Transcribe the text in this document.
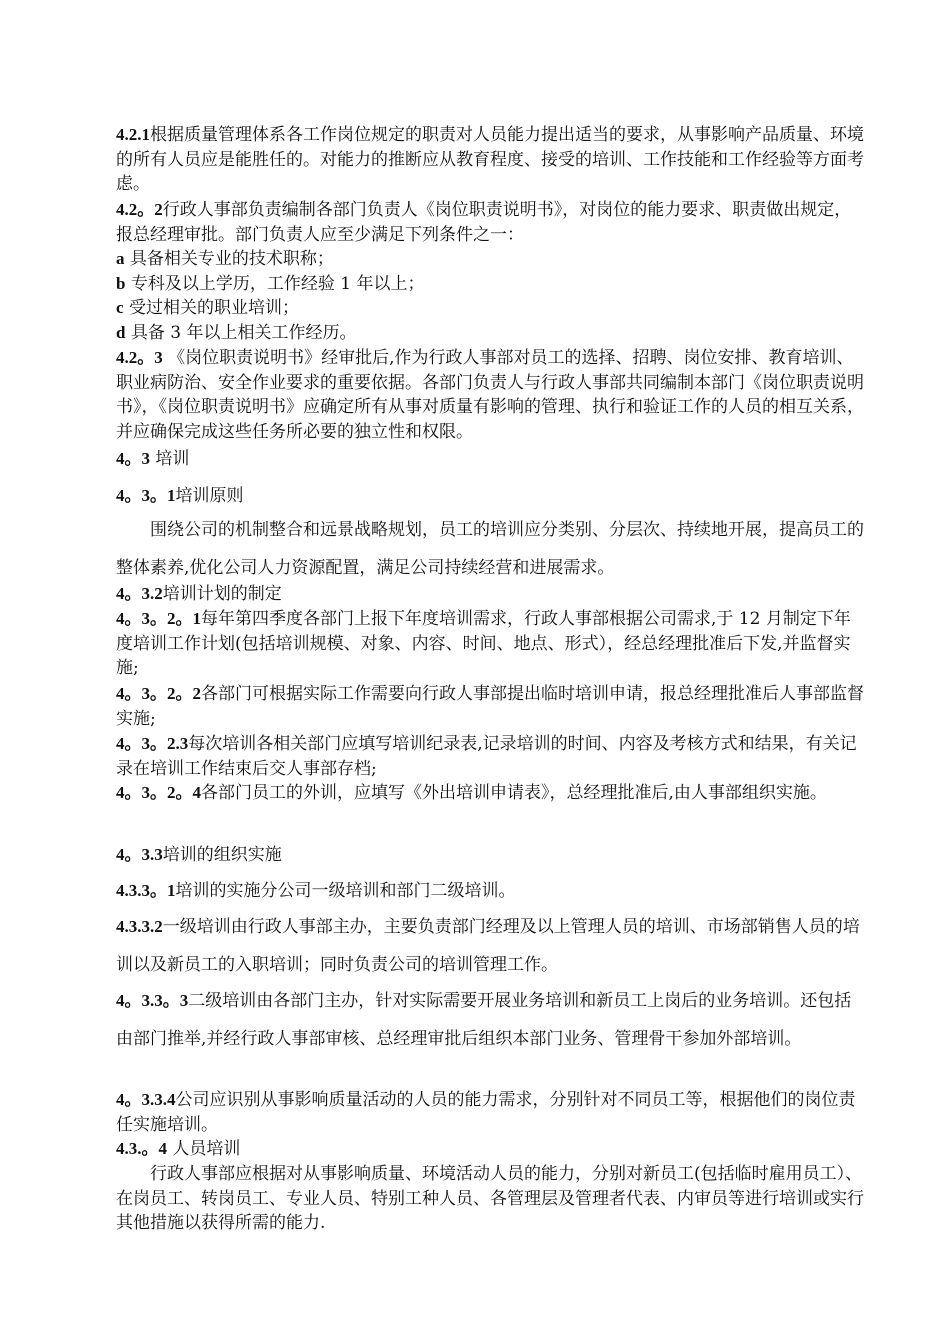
4.2.1根据质量管理体系各工作岗位规定的职责对人员能力提出适当的要求，从事影响产品质量、环境的所有人员应是能胜任的。对能力的推断应从教育程度、接受的培训、工作技能和工作经验等方面考虑。

4.2。2行政人事部负责编制各部门负责人《岗位职责说明书》，对岗位的能力要求、职责做出规定，报总经理审批。部门负责人应至少满足下列条件之一：

a 具备相关专业的技术职称；

b 专科及以上学历，工作经验 1 年以上；

c 受过相关的职业培训；

d 具备 3 年以上相关工作经历。

4.2。3 《岗位职责说明书》经审批后,作为行政人事部对员工的选择、招聘、岗位安排、教育培训、职业病防治、安全作业要求的重要依据。各部门负责人与行政人事部共同编制本部门《岗位职责说明书》，《岗位职责说明书》应确定所有从事对质量有影响的管理、执行和验证工作的人员的相互关系，并应确保完成这些任务所必要的独立性和权限。

4。3 培训

4。3。1培训原则

围绕公司的机制整合和远景战略规划，员工的培训应分类别、分层次、持续地开展，提高员工的整体素养,优化公司人力资源配置，满足公司持续经营和进展需求。

4。3.2培训计划的制定

4。3。2。1每年第四季度各部门上报下年度培训需求，行政人事部根据公司需求,于 12 月制定下年度培训工作计划(包括培训规模、对象、内容、时间、地点、形式），经总经理批准后下发,并监督实施;

4。3。2。2各部门可根据实际工作需要向行政人事部提出临时培训申请，报总经理批准后人事部监督实施;

4。3。2.3每次培训各相关部门应填写培训纪录表,记录培训的时间、内容及考核方式和结果，有关记录在培训工作结束后交人事部存档;

4。3。2。4各部门员工的外训，应填写《外出培训申请表》，总经理批准后,由人事部组织实施。

4。3.3培训的组织实施

4.3.3。1培训的实施分公司一级培训和部门二级培训。

4.3.3.2一级培训由行政人事部主办，主要负责部门经理及以上管理人员的培训、市场部销售人员的培训以及新员工的入职培训；同时负责公司的培训管理工作。

4。3.3。3二级培训由各部门主办，针对实际需要开展业务培训和新员工上岗后的业务培训。还包括由部门推举,并经行政人事部审核、总经理审批后组织本部门业务、管理骨干参加外部培训。

4。3.3.4公司应识别从事影响质量活动的人员的能力需求，分别针对不同员工等，根据他们的岗位责任实施培训。

4.3.。4 人员培训

行政人事部应根据对从事影响质量、环境活动人员的能力，分别对新员工(包括临时雇用员工）、在岗员工、转岗员工、专业人员、特别工种人员、各管理层及管理者代表、内审员等进行培训或实行其他措施以获得所需的能力.
